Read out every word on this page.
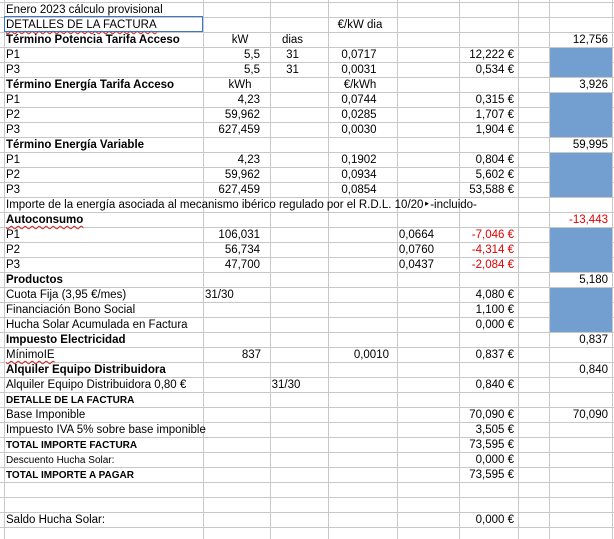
Enero 2023 cálculo provisional
DETALLES DE LA FACTURA	€/kW dia
Término Potencia Tarifa Acceso	kW	dias	12,756
P1	5,5	31	0,0717	12,222 €
P3	5,5	31	0,0031	0,534 €
Término Energía Tarifa Acceso	kWh	€/kWh	3,926
P1	4,23	0,0744	0,315 €
P2	59,962	0,0285	1,707 €
P3	627,459	0,0030	1,904 €
Término Energía Variable	59,995
P1	4,23	0,1902	0,804 €
P2	59,962	0,0934	5,602 €
P3	627,459	0,0854	53,588 €
Importe de la energía asociada al mecanismo ibérico regulado por el R.D.L. 10/20‣-incluido-
Autoconsumo	-13,443
P1	106,031	0,0664	-7,046 €
P2	56,734	0,0760	-4,314 €
P3	47,700	0,0437	-2,084 €
Productos	5,180
Cuota Fija (3,95 €/mes)	31/30	4,080 €
Financiación Bono Social	1,100 €
Hucha Solar Acumulada en Factura	0,000 €
Impuesto Electricidad	0,837
MínimoIE	837	0,0010	0,837 €
Alquiler Equipo Distribuidora	0,840
Alquiler Equipo Distribuidora 0,80 €	31/30	0,840 €
DETALLE DE LA FACTURA
Base Imponible	70,090 €	70,090
Impuesto IVA 5% sobre base imponible	3,505 €
TOTAL IMPORTE FACTURA	73,595 €
Descuento Hucha Solar:	0,000 €
TOTAL IMPORTE A PAGAR	73,595 €
Saldo Hucha Solar:	0,000 €
